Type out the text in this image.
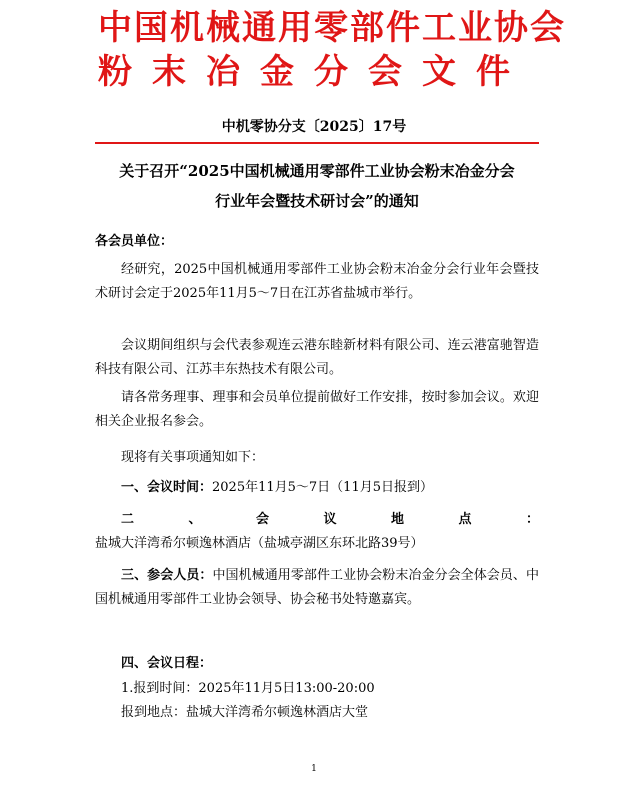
中国机械通用零部件工业协会
粉末冶金分会文件
中机零协分支〔2025〕17号
关于召开“2025中国机械通用零部件工业协会粉末冶金分会
行业年会暨技术研讨会”的通知
各会员单位：

经研究，2025中国机械通用零部件工业协会粉末冶金分会行业年会暨技术研讨会定于2025年11月5～7日在江苏省盐城市举行。

会议期间组织与会代表参观连云港东睦新材料有限公司、连云港富驰智造科技有限公司、江苏丰东热技术有限公司。

请各常务理事、理事和会员单位提前做好工作安排，按时参加会议。欢迎相关企业报名参会。

现将有关事项通知如下：

一、会议时间：2025年11月5～7日（11月5日报到）
二、会议地点：盐城大洋湾希尔顿逸林酒店（盐城亭湖区东环北路39号）
三、参会人员：中国机械通用零部件工业协会粉末冶金分会全体会员、中国机械通用零部件工业协会领导、协会秘书处特邀嘉宾。
四、会议日程：
1.报到时间：2025年11月5日13:00-20:00
报到地点：盐城大洋湾希尔顿逸林酒店大堂
1
